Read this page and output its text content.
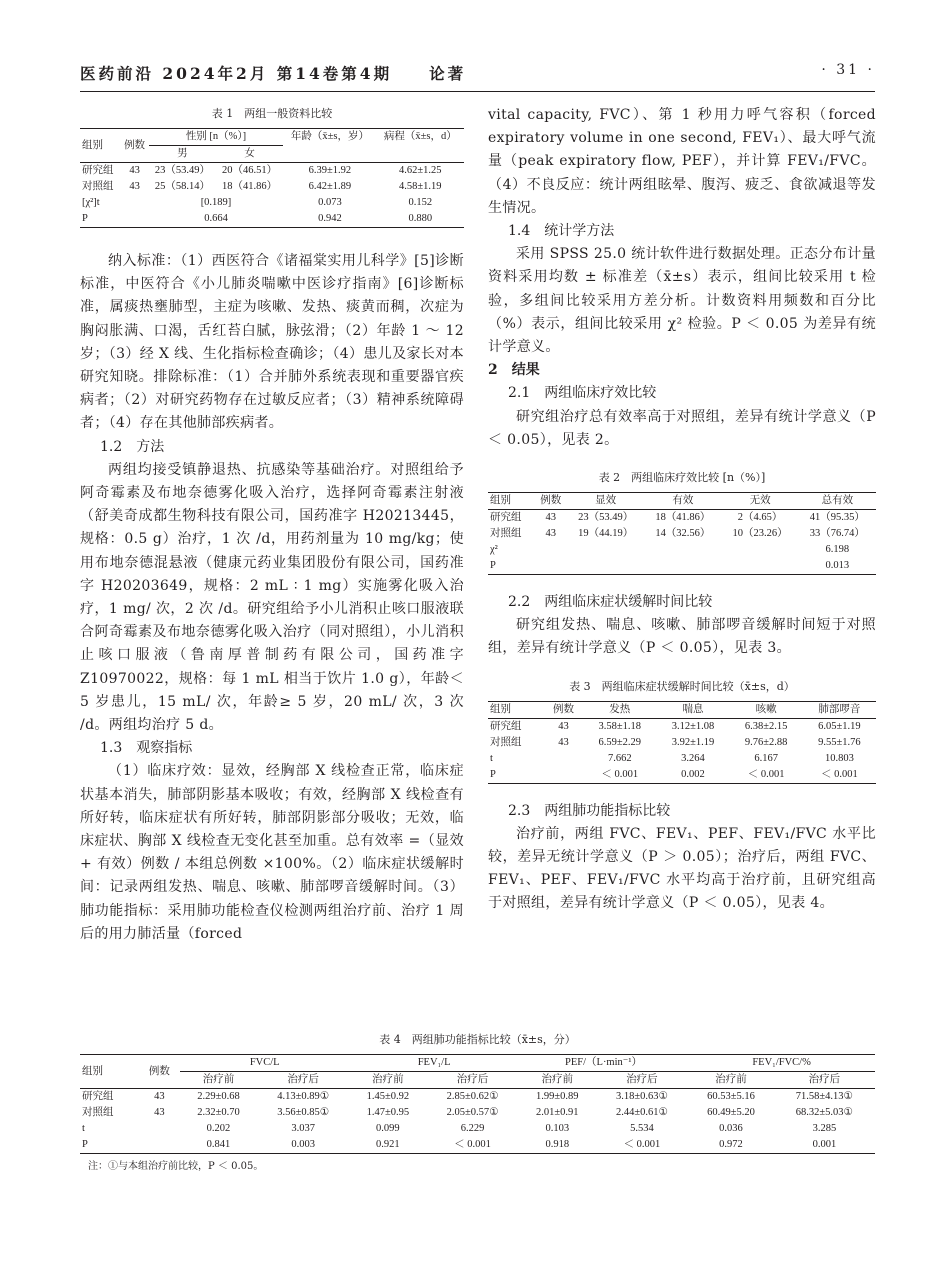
医药前沿 2024年2月 第14卷第4期　　论著	· 31 ·
表 1　两组一般资料比较
组别	例数	性别 [n（%）]		年龄（x̄±s，岁）	病程（x̄±s，d）
		男	女		
研究组	43	23（53.49）	20（46.51）	6.39±1.92	4.62±1.25
对照组	43	25（58.14）	18（41.86）	6.42±1.89	4.58±1.19
[χ²]t		[0.189]		0.073	0.152
P		0.664		0.942	0.880

纳入标准：（1）西医符合《诸福棠实用儿科学》[5]诊断标准，中医符合《小儿肺炎喘嗽中医诊疗指南》[6]诊断标准，属痰热壅肺型，主症为咳嗽、发热、痰黄而稠，次症为胸闷胀满、口渴，舌红苔白腻，脉弦滑；（2）年龄 1 ～ 12 岁；（3）经 X 线、生化指标检查确诊；（4）患儿及家长对本研究知晓。排除标准：（1）合并肺外系统表现和重要器官疾病者；（2）对研究药物存在过敏反应者；（3）精神系统障碍者；（4）存在其他肺部疾病者。

1.2　方法

两组均接受镇静退热、抗感染等基础治疗。对照组给予阿奇霉素及布地奈德雾化吸入治疗，选择阿奇霉素注射液（舒美奇成都生物科技有限公司，国药准字 H20213445，规格：0.5 g）治疗，1 次 /d，用药剂量为 10 mg/kg；使用布地奈德混悬液（健康元药业集团股份有限公司，国药准字 H20203649，规格：2 mL ∶ 1 mg）实施雾化吸入治疗，1 mg/ 次，2 次 /d。研究组给予小儿消积止咳口服液联合阿奇霉素及布地奈德雾化吸入治疗（同对照组），小儿消积止咳口服液（鲁南厚普制药有限公司，国药准字 Z10970022，规格：每 1 mL 相当于饮片 1.0 g），年龄＜ 5 岁患儿，15 mL/ 次，年龄≥ 5 岁，20 mL/ 次，3 次 /d。两组均治疗 5 d。

1.3　观察指标

（1）临床疗效：显效，经胸部 X 线检查正常，临床症状基本消失，肺部阴影基本吸收；有效，经胸部 X 线检查有所好转，临床症状有所好转，肺部阴影部分吸收；无效，临床症状、胸部 X 线检查无变化甚至加重。总有效率 =（显效 + 有效）例数 / 本组总例数 ×100%。（2）临床症状缓解时间：记录两组发热、喘息、咳嗽、肺部啰音缓解时间。（3）肺功能指标：采用肺功能检查仪检测两组治疗前、治疗 1 周后的用力肺活量（forced

vital capacity, FVC）、第 1 秒用力呼气容积（forced expiratory volume in one second, FEV₁）、最大呼气流量（peak expiratory flow, PEF），并计算 FEV₁/FVC。（4）不良反应：统计两组眩晕、腹泻、疲乏、食欲减退等发生情况。

1.4　统计学方法

采用 SPSS 25.0 统计软件进行数据处理。正态分布计量资料采用均数 ± 标准差（x̄±s）表示，组间比较采用 t 检验，多组间比较采用方差分析。计数资料用频数和百分比（%）表示，组间比较采用 χ² 检验。P ＜ 0.05 为差异有统计学意义。

2　结果
2.1　两组临床疗效比较

研究组治疗总有效率高于对照组，差异有统计学意义（P ＜ 0.05），见表 2。

表 2　两组临床疗效比较 [n（%）]
组别	例数	显效	有效	无效	总有效
研究组	43	23（53.49）	18（41.86）	2（4.65）	41（95.35）
对照组	43	19（44.19）	14（32.56）	10（23.26）	33（76.74）
χ²					6.198
P					0.013
2.2　两组临床症状缓解时间比较

研究组发热、喘息、咳嗽、肺部啰音缓解时间短于对照组，差异有统计学意义（P ＜ 0.05），见表 3。

表 3　两组临床症状缓解时间比较（x̄±s，d）
组别	例数	发热	喘息	咳嗽	肺部啰音
研究组	43	3.58±1.18	3.12±1.08	6.38±2.15	6.05±1.19
对照组	43	6.59±2.29	3.92±1.19	9.76±2.88	9.55±1.76
t		7.662	3.264	6.167	10.803
P		＜ 0.001	0.002	＜ 0.001	＜ 0.001
2.3　两组肺功能指标比较

治疗前，两组 FVC、FEV₁、PEF、FEV₁/FVC 水平比较，差异无统计学意义（P ＞ 0.05）；治疗后，两组 FVC、FEV₁、PEF、FEV₁/FVC 水平均高于治疗前，且研究组高于对照组，差异有统计学意义（P ＜ 0.05），见表 4。

表 4　两组肺功能指标比较（x̄±s，分）
组别	例数	FVC/L		FEV₁/L		PEF/（L·min⁻¹）		FEV₁/FVC/%	
		治疗前	治疗后	治疗前	治疗后	治疗前	治疗后	治疗前	治疗后
研究组	43	2.29±0.68	4.13±0.89①	1.45±0.92	2.85±0.62①	1.99±0.89	3.18±0.63①	60.53±5.16	71.58±4.13①
对照组	43	2.32±0.70	3.56±0.85①	1.47±0.95	2.05±0.57①	2.01±0.91	2.44±0.61①	60.49±5.20	68.32±5.03①
t		0.202	3.037	0.099	6.229	0.103	5.534	0.036	3.285
P		0.841	0.003	0.921	＜ 0.001	0.918	＜ 0.001	0.972	0.001
注：①与本组治疗前比较，P ＜ 0.05。
